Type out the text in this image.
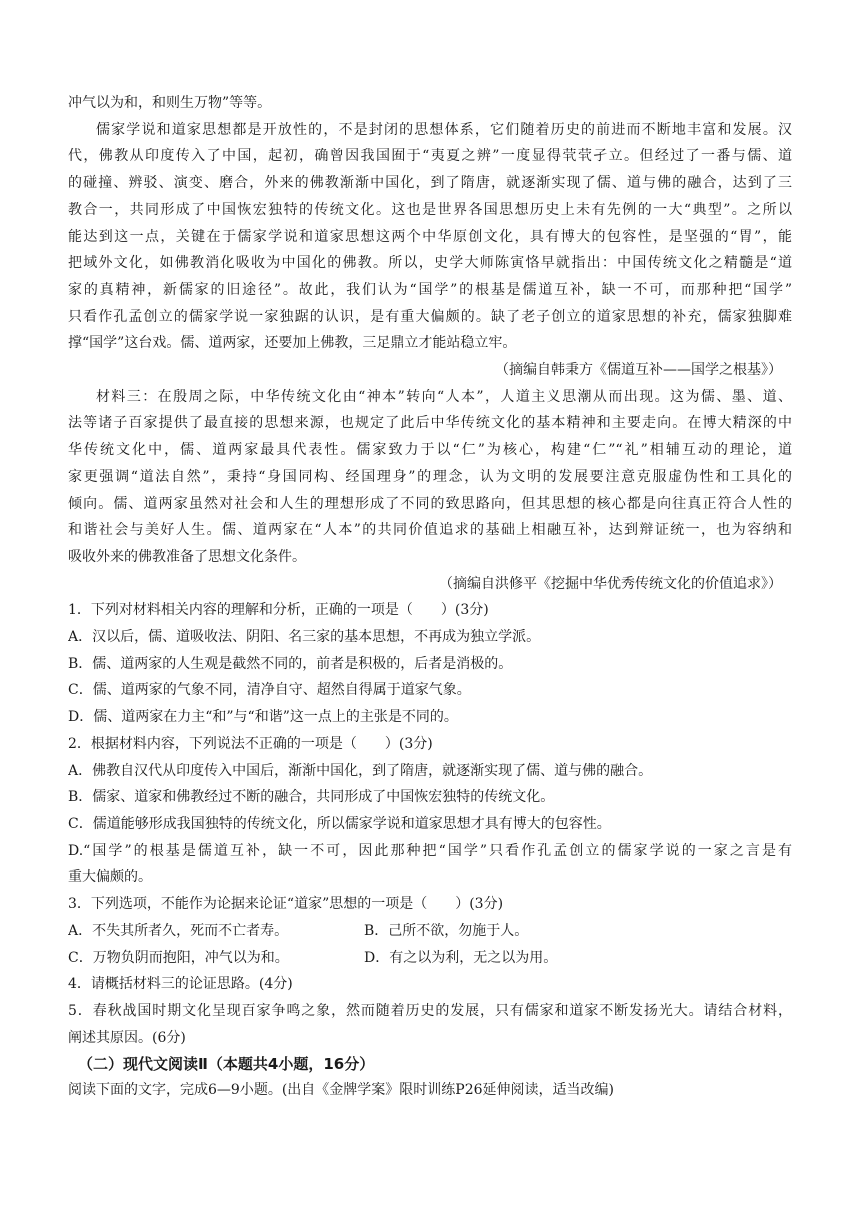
冲气以为和，和则生万物”等等。

儒家学说和道家思想都是开放性的，不是封闭的思想体系，它们随着历史的前进而不断地丰富和发展。汉

代，佛教从印度传入了中国，起初，确曾因我国囿于“夷夏之辨”一度显得茕茕孑立。但经过了一番与儒、道

的碰撞、辨驳、演变、磨合，外来的佛教渐渐中国化，到了隋唐，就逐渐实现了儒、道与佛的融合，达到了三

教合一，共同形成了中国恢宏独特的传统文化。这也是世界各国思想历史上未有先例的一大“典型”。之所以

能达到这一点，关键在于儒家学说和道家思想这两个中华原创文化，具有博大的包容性，是坚强的“胃”，能

把域外文化，如佛教消化吸收为中国化的佛教。所以，史学大师陈寅恪早就指出：中国传统文化之精髓是“道

家的真精神，新儒家的旧途径”。故此，我们认为“国学”的根基是儒道互补，缺一不可，而那种把“国学”

只看作孔孟创立的儒家学说一家独踞的认识，是有重大偏颇的。缺了老子创立的道家思想的补充，儒家独脚难

撑“国学”这台戏。儒、道两家，还要加上佛教，三足鼎立才能站稳立牢。

（摘编自韩秉方《儒道互补——国学之根基》）

材料三：在殷周之际，中华传统文化由“神本”转向“人本”，人道主义思潮从而出现。这为儒、墨、道、

法等诸子百家提供了最直接的思想来源，也规定了此后中华传统文化的基本精神和主要走向。在博大精深的中

华传统文化中，儒、道两家最具代表性。儒家致力于以“仁”为核心，构建“仁”“礼”相辅互动的理论，道

家更强调“道法自然”，秉持“身国同构、经国理身”的理念，认为文明的发展要注意克服虚伪性和工具化的

倾向。儒、道两家虽然对社会和人生的理想形成了不同的致思路向，但其思想的核心都是向往真正符合人性的

和谐社会与美好人生。儒、道两家在“人本”的共同价值追求的基础上相融互补，达到辩证统一，也为容纳和

吸收外来的佛教准备了思想文化条件。

（摘编自洪修平《挖掘中华优秀传统文化的价值追求》）

1．下列对材料相关内容的理解和分析，正确的一项是（　　）(3分)

A．汉以后，儒、道吸收法、阴阳、名三家的基本思想，不再成为独立学派。

B．儒、道两家的人生观是截然不同的，前者是积极的，后者是消极的。

C．儒、道两家的气象不同，清净自守、超然自得属于道家气象。

D．儒、道两家在力主“和”与“和谐”这一点上的主张是不同的。

2．根据材料内容，下列说法不正确的一项是（　　）(3分)

A．佛教自汉代从印度传入中国后，渐渐中国化，到了隋唐，就逐渐实现了儒、道与佛的融合。

B．儒家、道家和佛教经过不断的融合，共同形成了中国恢宏独特的传统文化。

C．儒道能够形成我国独特的传统文化，所以儒家学说和道家思想才具有博大的包容性。

D.“国学”的根基是儒道互补，缺一不可，因此那种把“国学”只看作孔孟创立的儒家学说的一家之言是有

重大偏颇的。

3．下列选项，不能作为论据来论证“道家”思想的一项是（　　）(3分)

A．不失其所者久，死而不亡者寿。	B．己所不欲，勿施于人。
C．万物负阴而抱阳，冲气以为和。	D．有之以为利，无之以为用。

4．请概括材料三的论证思路。(4分)

5．春秋战国时期文化呈现百家争鸣之象，然而随着历史的发展，只有儒家和道家不断发扬光大。请结合材料，

阐述其原因。(6分)

（二）现代文阅读Ⅱ（本题共4小题，16分）

阅读下面的文字，完成6—9小题。(出自《金牌学案》限时训练P26延伸阅读，适当改编)
